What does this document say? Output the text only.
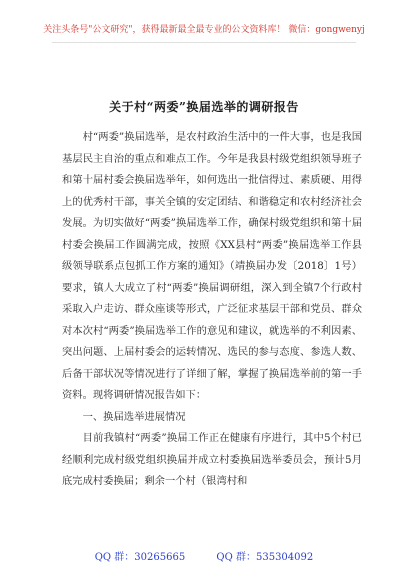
关注头条号"公文研究"，获得最新最全最专业的公文资料库！ 微信：gongwenyj
关于村“两委”换届选举的调研报告

村“两委”换届选举，是农村政治生活中的一件大事，也是我国基层民主自治的重点和难点工作。今年是我县村级党组织领导班子和第十届村委会换届选举年，如何选出一批信得过、素质硬、用得上的优秀村干部，事关全镇的安定团结、和谐稳定和农村经济社会发展。为切实做好“两委”换届选举工作，确保村级党组织和第十届村委会换届工作圆满完成，按照《XX县村“两委”换届选举工作县级领导联系点包抓工作方案的通知》（靖换届办发〔2018〕1号）要求，镇人大成立了村“两委”换届调研组，深入到全镇7个行政村采取入户走访、群众座谈等形式，广泛征求基层干部和党员、群众对本次村“两委”换届选举工作的意见和建议，就选举的不利因素、突出问题、上届村委会的运转情况、选民的参与态度、参选人数、后备干部状况等情况进行了详细了解，掌握了换届选举前的第一手资料。现将调研情况报告如下：

一、换届选举进展情况

目前我镇村“两委”换届工作正在健康有序进行，其中5个村已经顺利完成村级党组织换届并成立村委换届选举委员会，预计5月底完成村委换届；剩余一个村（银湾村和

QQ 群：30265665	QQ 群：535304092
